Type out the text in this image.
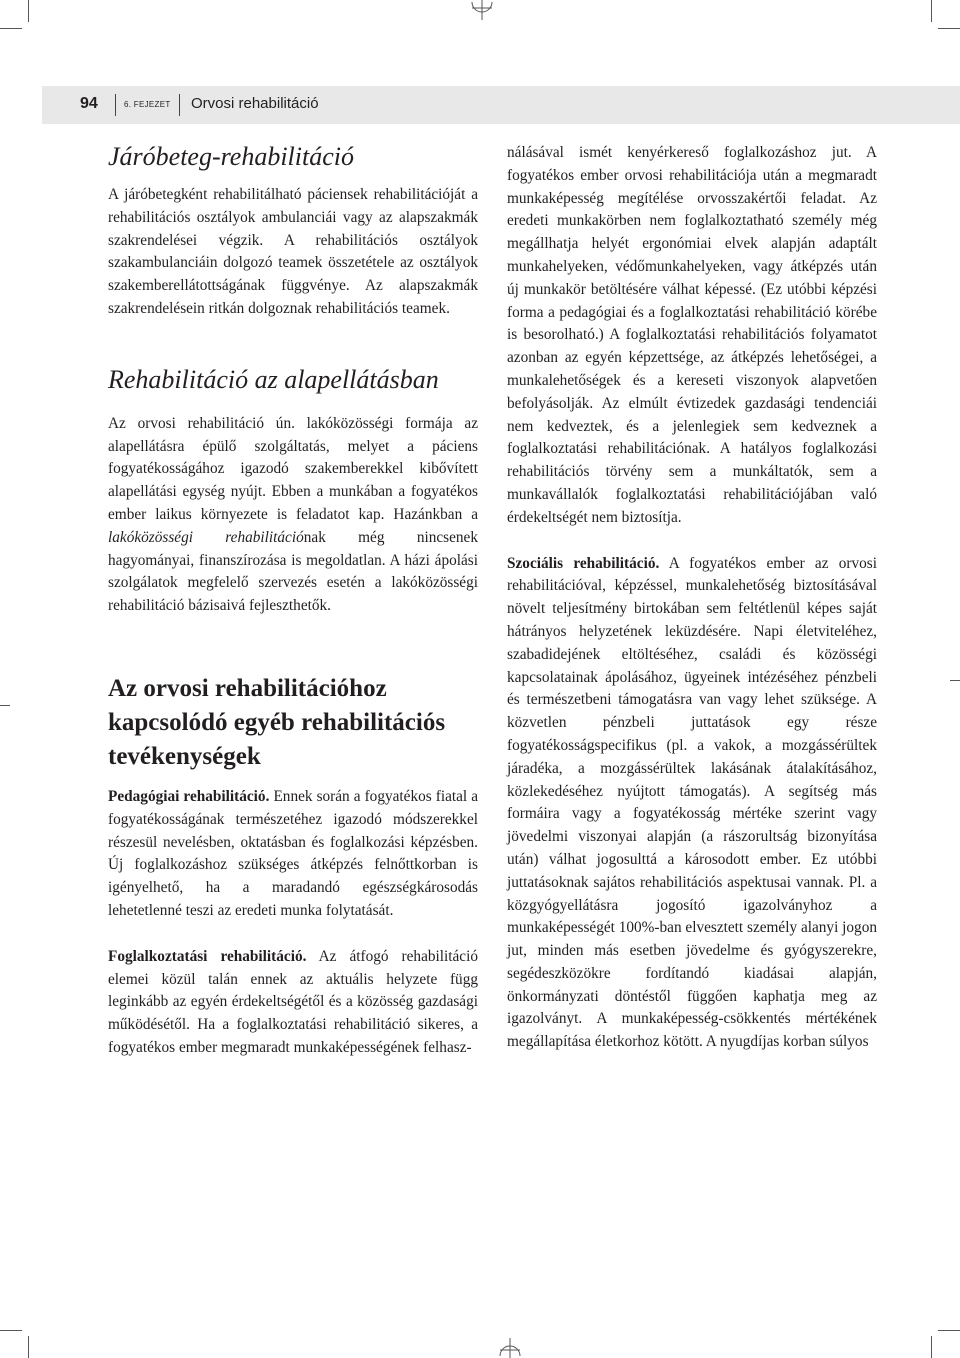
94	6. FEJEZET Orvosi rehabilitáció
Járóbeteg-rehabilitáció

A járóbetegként rehabilitálható páciensek rehabilitációját a rehabilitációs osztályok ambulanciái vagy az alapszakmák szakrendelései végzik. A rehabilitációs osztályok szakambulanciáin dolgozó teamek összetétele az osztályok szakemberellátottságának függvénye. Az alapszakmák szakrendelésein ritkán dolgoznak rehabilitációs teamek.

Rehabilitáció az alapellátásban

Az orvosi rehabilitáció ún. lakóközösségi formája az alapellátásra épülő szolgáltatás, melyet a páciens fogyatékosságához igazodó szakemberekkel kibővített alapellátási egység nyújt. Ebben a munkában a fogyatékos ember laikus környezete is feladatot kap. Hazánkban a lakóközösségi rehabilitációnak még nincsenek hagyományai, finanszírozása is megoldatlan. A házi ápolási szolgálatok megfelelő szervezés esetén a lakóközösségi rehabilitáció bázisaivá fejleszthetők.

Az orvosi rehabilitációhoz kapcsolódó egyéb rehabilitációs tevékenységek

Pedagógiai rehabilitáció. Ennek során a fogyatékos fiatal a fogyatékosságának természetéhez igazodó módszerekkel részesül nevelésben, oktatásban és foglalkozási képzésben. Új foglalkozáshoz szükséges átképzés felnőttkorban is igényelhető, ha a maradandó egészségkárosodás lehetetlenné teszi az eredeti munka folytatását.

Foglalkoztatási rehabilitáció. Az átfogó rehabilitáció elemei közül talán ennek az aktuális helyzete függ leginkább az egyén érdekeltségétől és a közösség gazdasági működésétől. Ha a foglalkoztatási rehabilitáció sikeres, a fogyatékos ember megmaradt munkaképességének felhasz-

nálásával ismét kenyérkereső foglalkozáshoz jut. A fogyatékos ember orvosi rehabilitációja után a megmaradt munkaképesség megítélése orvosszakértői feladat. Az eredeti munkakörben nem foglalkoztatható személy még megállhatja helyét ergonómiai elvek alapján adaptált munkahelyeken, védőmunkahelyeken, vagy átképzés után új munkakör betöltésére válhat képessé. (Ez utóbbi képzési forma a pedagógiai és a foglalkoztatási rehabilitáció körébe is besorolható.) A foglalkoztatási rehabilitációs folyamatot azonban az egyén képzettsége, az átképzés lehetőségei, a munkalehetőségek és a kereseti viszonyok alapvetően befolyásolják. Az elmúlt évtizedek gazdasági tendenciái nem kedveztek, és a jelenlegiek sem kedveznek a foglalkoztatási rehabilitációnak. A hatályos foglalkozási rehabilitációs törvény sem a munkáltatók, sem a munkavállalók foglalkoztatási rehabilitációjában való érdekeltségét nem biztosítja.

Szociális rehabilitáció. A fogyatékos ember az orvosi rehabilitációval, képzéssel, munkalehetőség biztosításával növelt teljesítmény birtokában sem feltétlenül képes saját hátrányos helyzetének leküzdésére. Napi életviteléhez, szabadidejének eltöltéséhez, családi és közösségi kapcsolatainak ápolásához, ügyeinek intézéséhez pénzbeli és természetbeni támogatásra van vagy lehet szüksége. A közvetlen pénzbeli juttatások egy része fogyatékosságspecifikus (pl. a vakok, a mozgássérültek járadéka, a mozgássérültek lakásának átalakításához, közlekedéséhez nyújtott támogatás). A segítség más formáira vagy a fogyatékosság mértéke szerint vagy jövedelmi viszonyai alapján (a rászorultság bizonyítása után) válhat jogosulttá a károsodott ember. Ez utóbbi juttatásoknak sajátos rehabilitációs aspektusai vannak. Pl. a közgyógyellátásra jogosító igazolványhoz a munkaképességét 100%-ban elvesztett személy alanyi jogon jut, minden más esetben jövedelme és gyógyszerekre, segédeszközökre fordítandó kiadásai alapján, önkormányzati döntéstől függően kaphatja meg az igazolványt. A munkaképesség-csökkentés mértékének megállapítása életkorhoz kötött. A nyugdíjas korban súlyos
